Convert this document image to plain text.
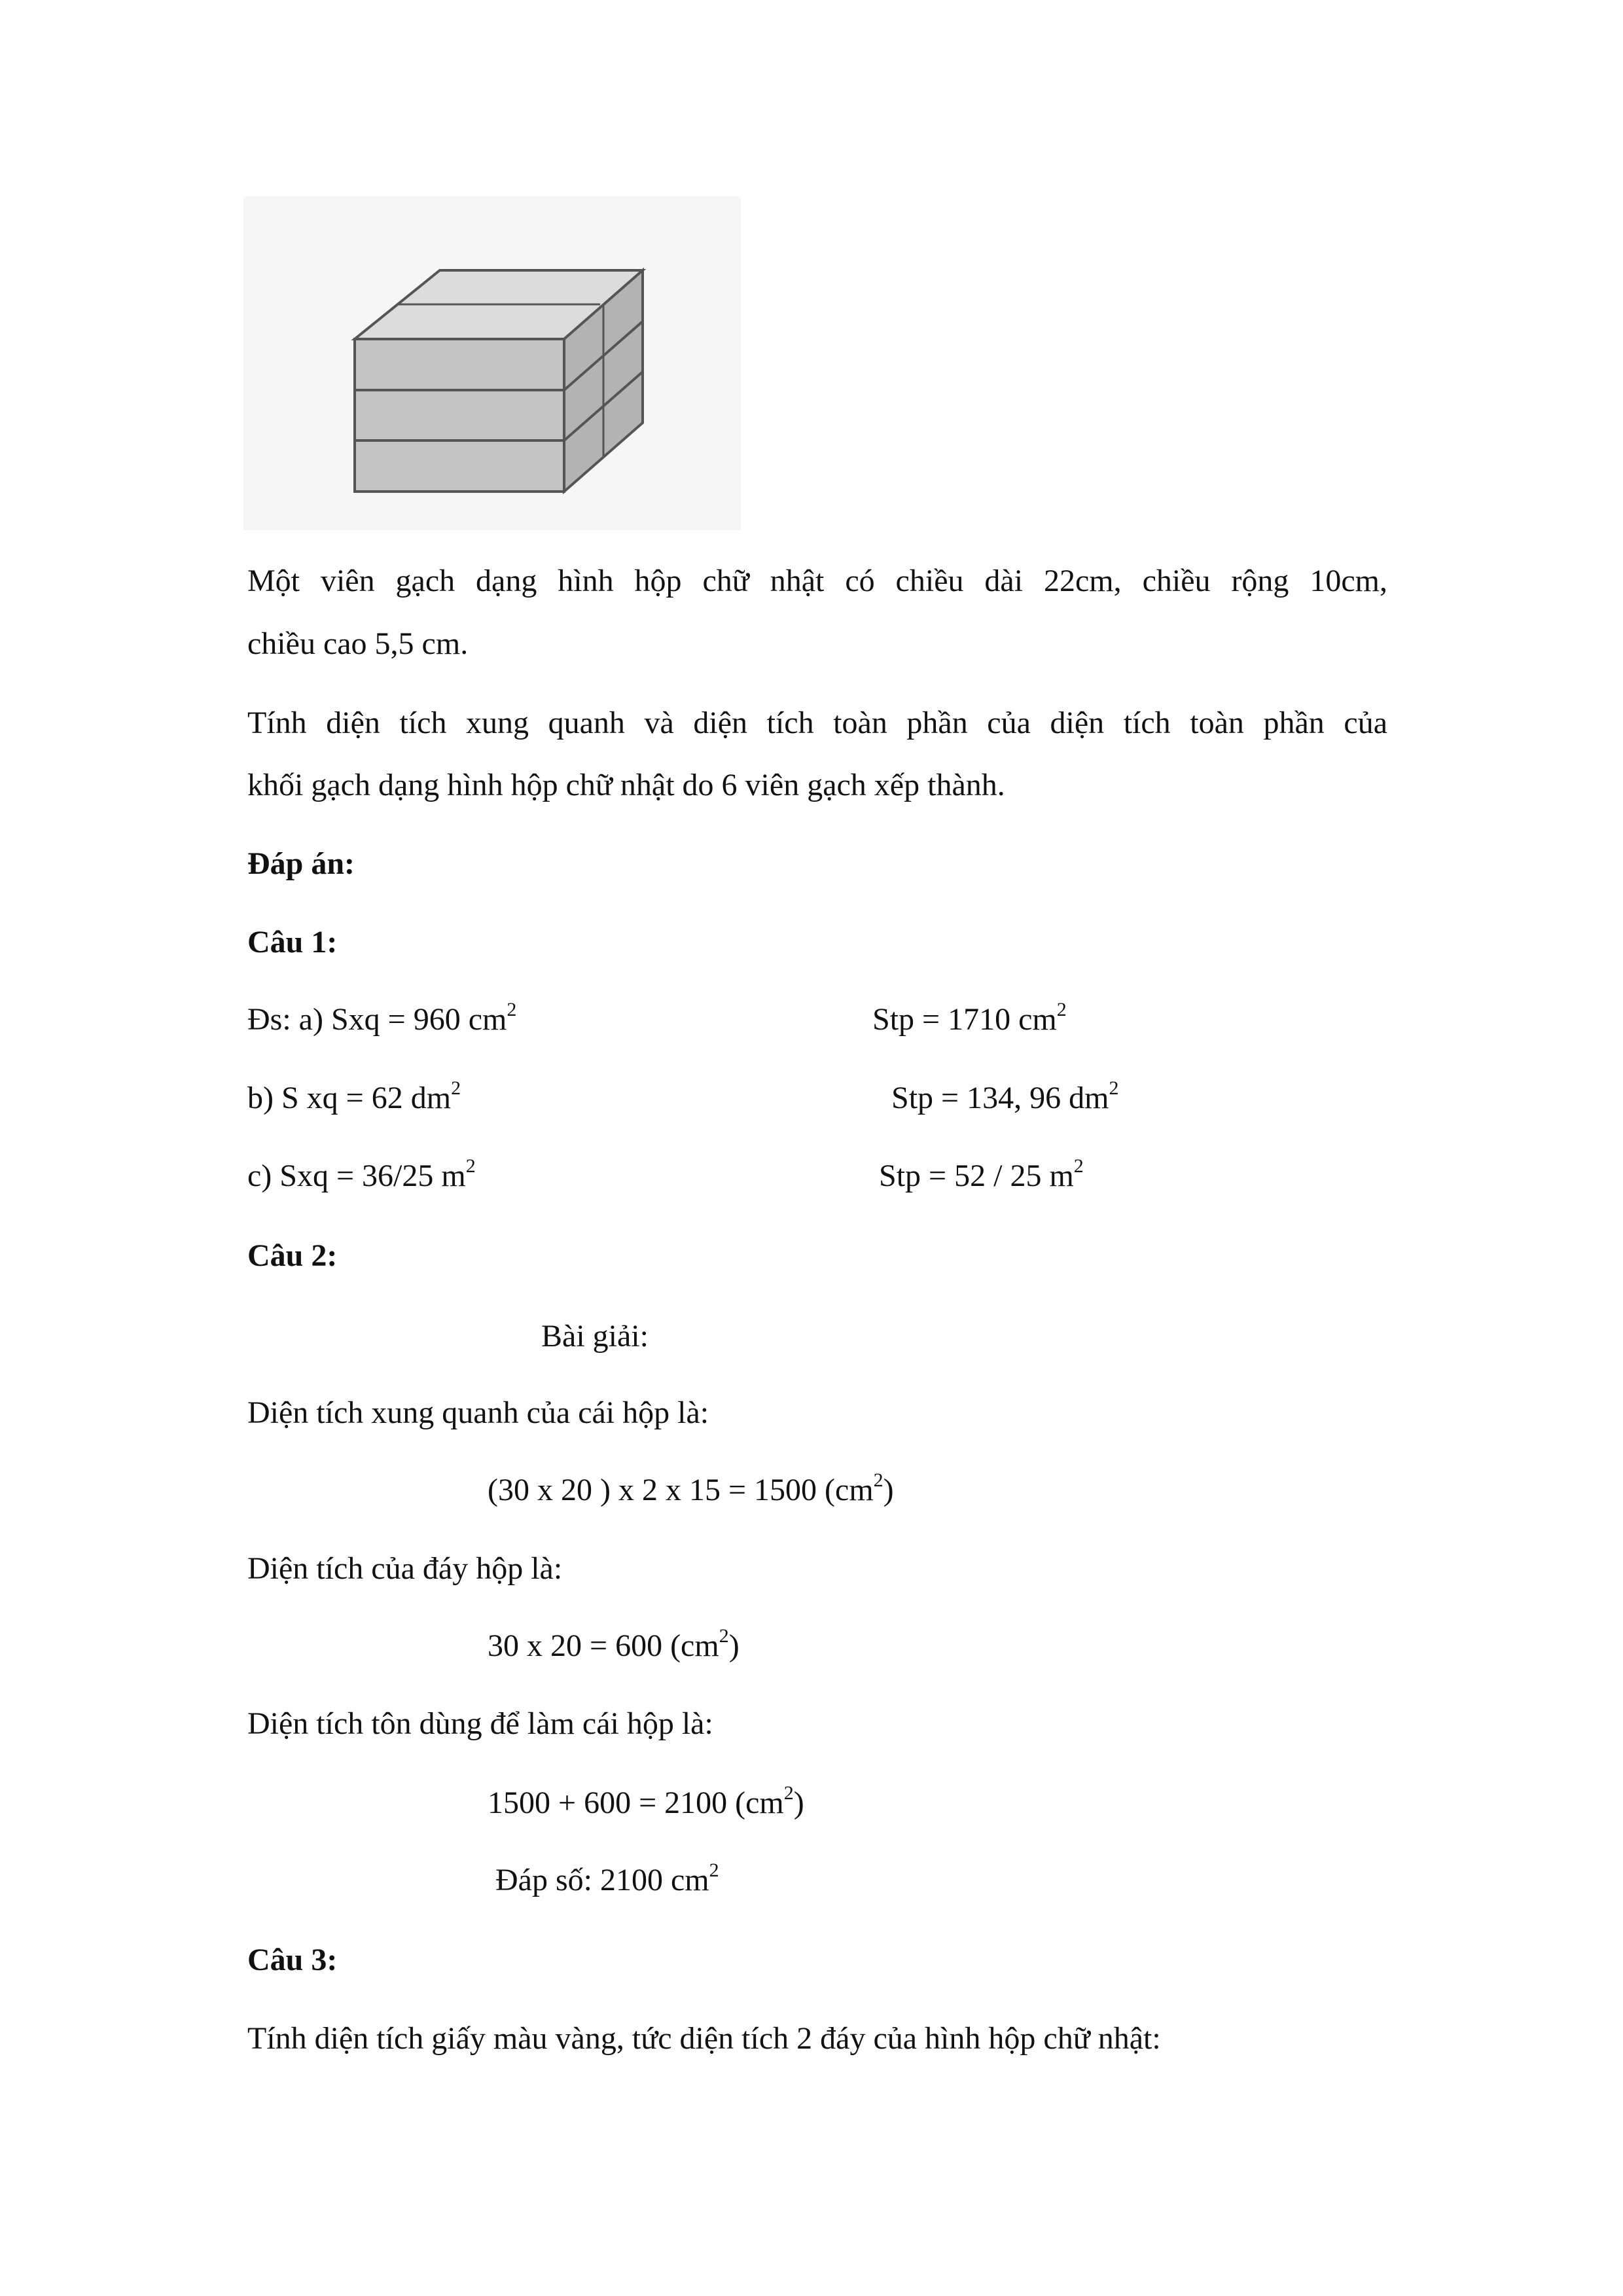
Một viên gạch dạng hình hộp chữ nhật có chiều dài 22cm, chiều rộng 10cm,
chiều cao 5,5 cm.
Tính diện tích xung quanh và diện tích toàn phần của diện tích toàn phần của
khối gạch dạng hình hộp chữ nhật do 6 viên gạch xếp thành.
Đáp án:
Câu 1:
Đs: a) Sxq = 960 $cm^2$	Stp = 1710 $cm^2$
b) S xq = 62 $dm^2$	Stp = 134, 96 $dm^2$
c) Sxq = 36/25 $m^2$	Stp = 52 / 25 $m^2$
Câu 2:
Bài giải:
Diện tích xung quanh của cái hộp là:
(30 x 20 ) x 2 x 15 = 1500 $(cm^2)$
Diện tích của đáy hộp là:
30 x 20 = 600 $(cm^2)$
Diện tích tôn dùng để làm cái hộp là:
1500 + 600 = 2100 $(cm^2)$
Đáp số: 2100 $cm^2$
Câu 3:
Tính diện tích giấy màu vàng, tức diện tích 2 đáy của hình hộp chữ nhật:
